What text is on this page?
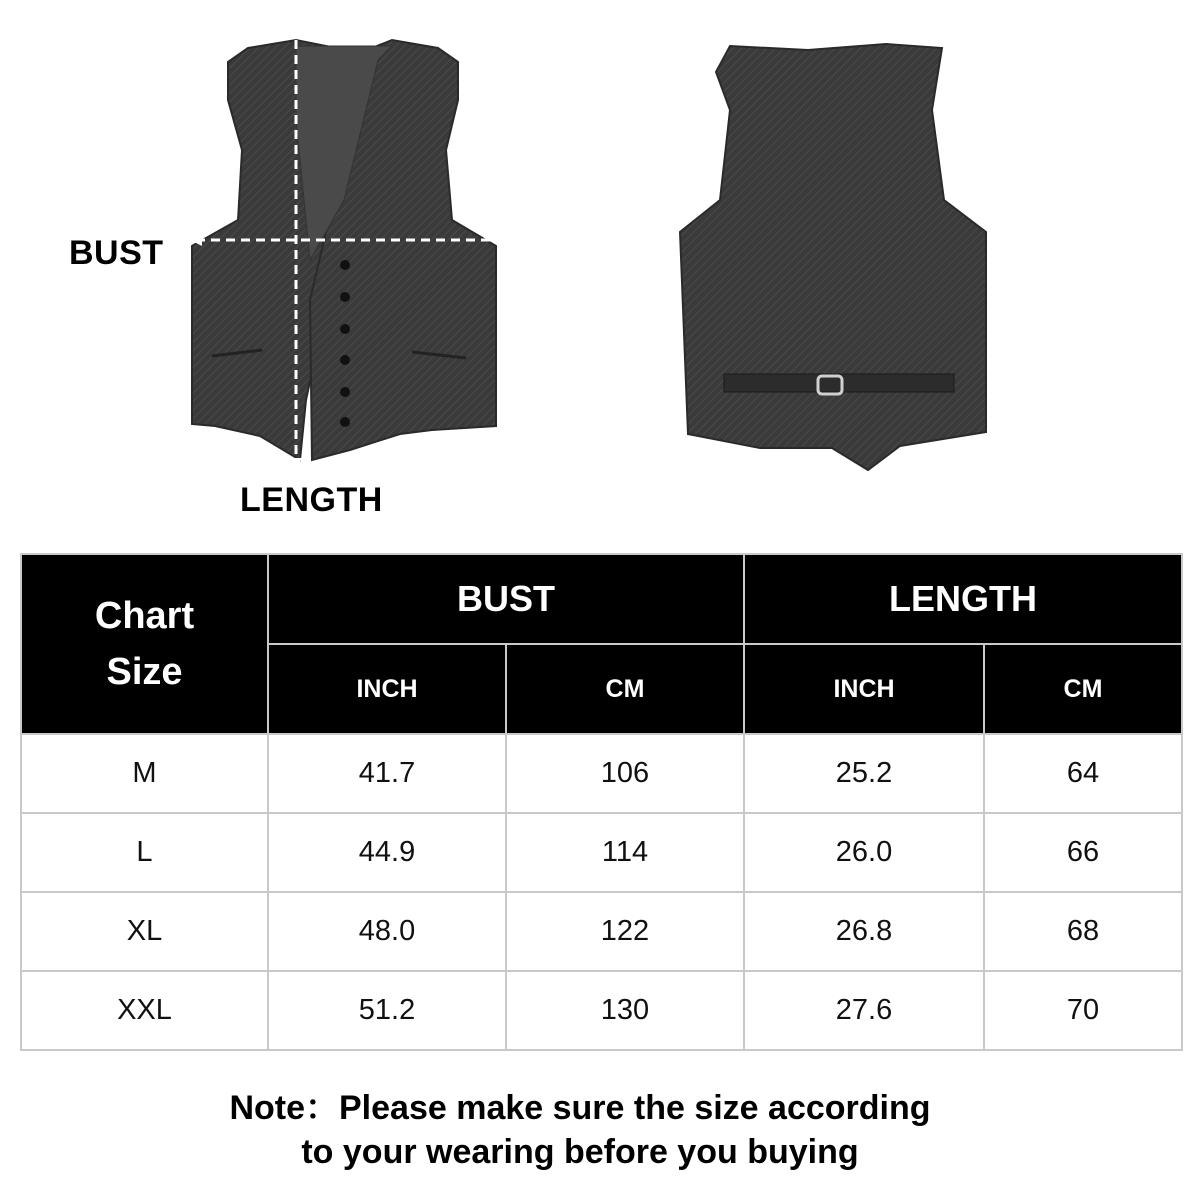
BUST
LENGTH
Chart
Size	BUST		LENGTH	
	INCH	CM	INCH	CM
M	41.7	106	25.2	64
L	44.9	114	26.0	66
XL	48.0	122	26.8	68
XXL	51.2	130	27.6	70
Note：Please make sure the size according
to your wearing before you buying
